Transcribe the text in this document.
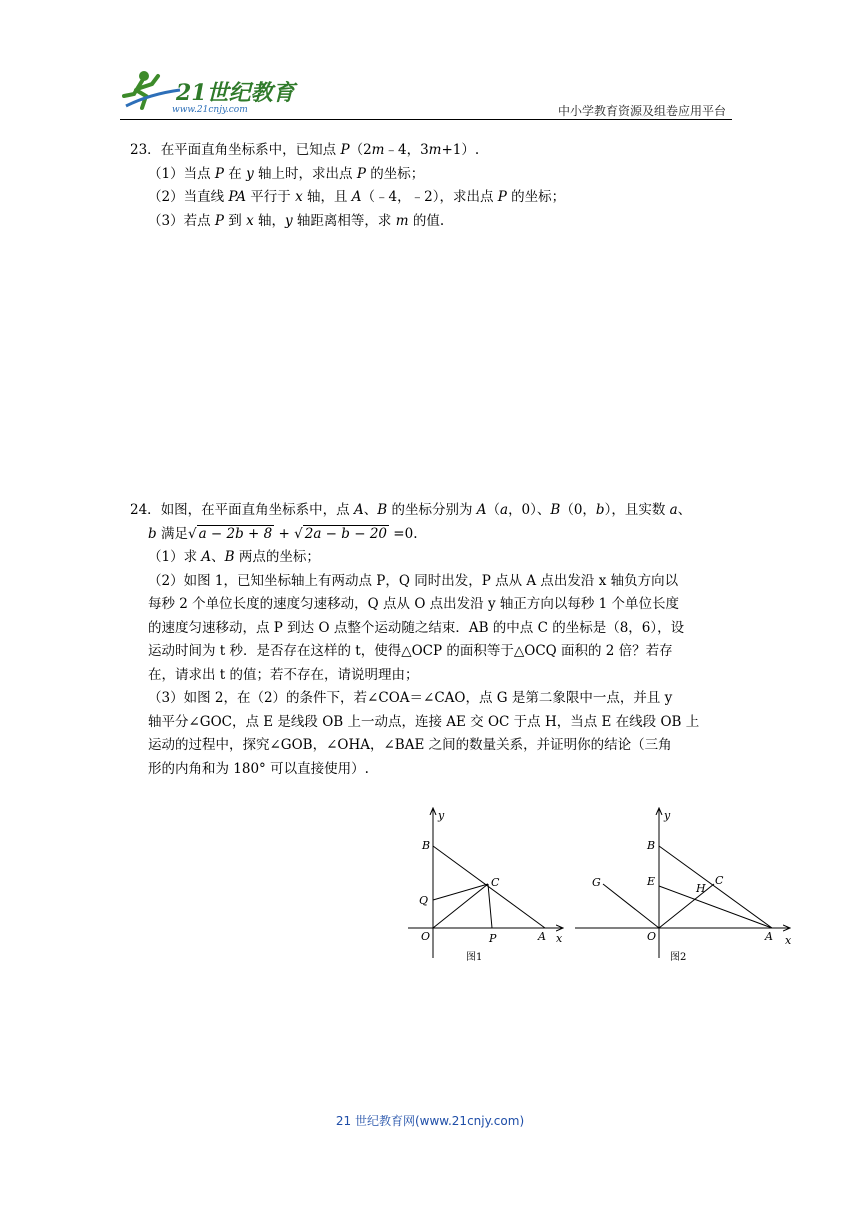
21世纪教育
www.21cnjy.com	中小学教育资源及组卷应用平台

23．在平面直角坐标系中，已知点 P（2m﹣4，3m+1）.

（1）当点 P 在 y 轴上时，求出点 P 的坐标；

（2）当直线 PA 平行于 x 轴，且 A（﹣4，﹣2），求出点 P 的坐标；

（3）若点 P 到 x 轴，y 轴距离相等，求 m 的值.

24．如图，在平面直角坐标系中，点 A、B 的坐标分别为 A（a，0）、B（0，b），且实数 a、

b 满足√ a − 2b + 8 + √ 2a − b − 20 =0.

（1）求 A、B 两点的坐标；

（2）如图 1，已知坐标轴上有两动点 P，Q 同时出发，P 点从 A 点出发沿 x 轴负方向以

每秒 2 个单位长度的速度匀速移动，Q 点从 O 点出发沿 y 轴正方向以每秒 1 个单位长度

的速度匀速移动，点 P 到达 O 点整个运动随之结束．AB 的中点 C 的坐标是（8，6），设

运动时间为 t 秒．是否存在这样的 t，使得△OCP 的面积等于△OCQ 面积的 2 倍？若存

在，请求出 t 的值；若不存在，请说明理由；

（3）如图 2，在（2）的条件下，若∠COA＝∠CAO，点 G 是第二象限中一点，并且 y

轴平分∠GOC，点 E 是线段 OB 上一动点，连接 AE 交 OC 于点 H，当点 E 在线段 OB 上

运动的过程中，探究∠GOB，∠OHA，∠BAE 之间的数量关系，并证明你的结论（三角

形的内角和为 180° 可以直接使用）.

y
x
B
Q
C
O	P	A
图1
y
x
B
E
G	H
C
O	A
图2
21 世纪教育网(www.21cnjy.com)
